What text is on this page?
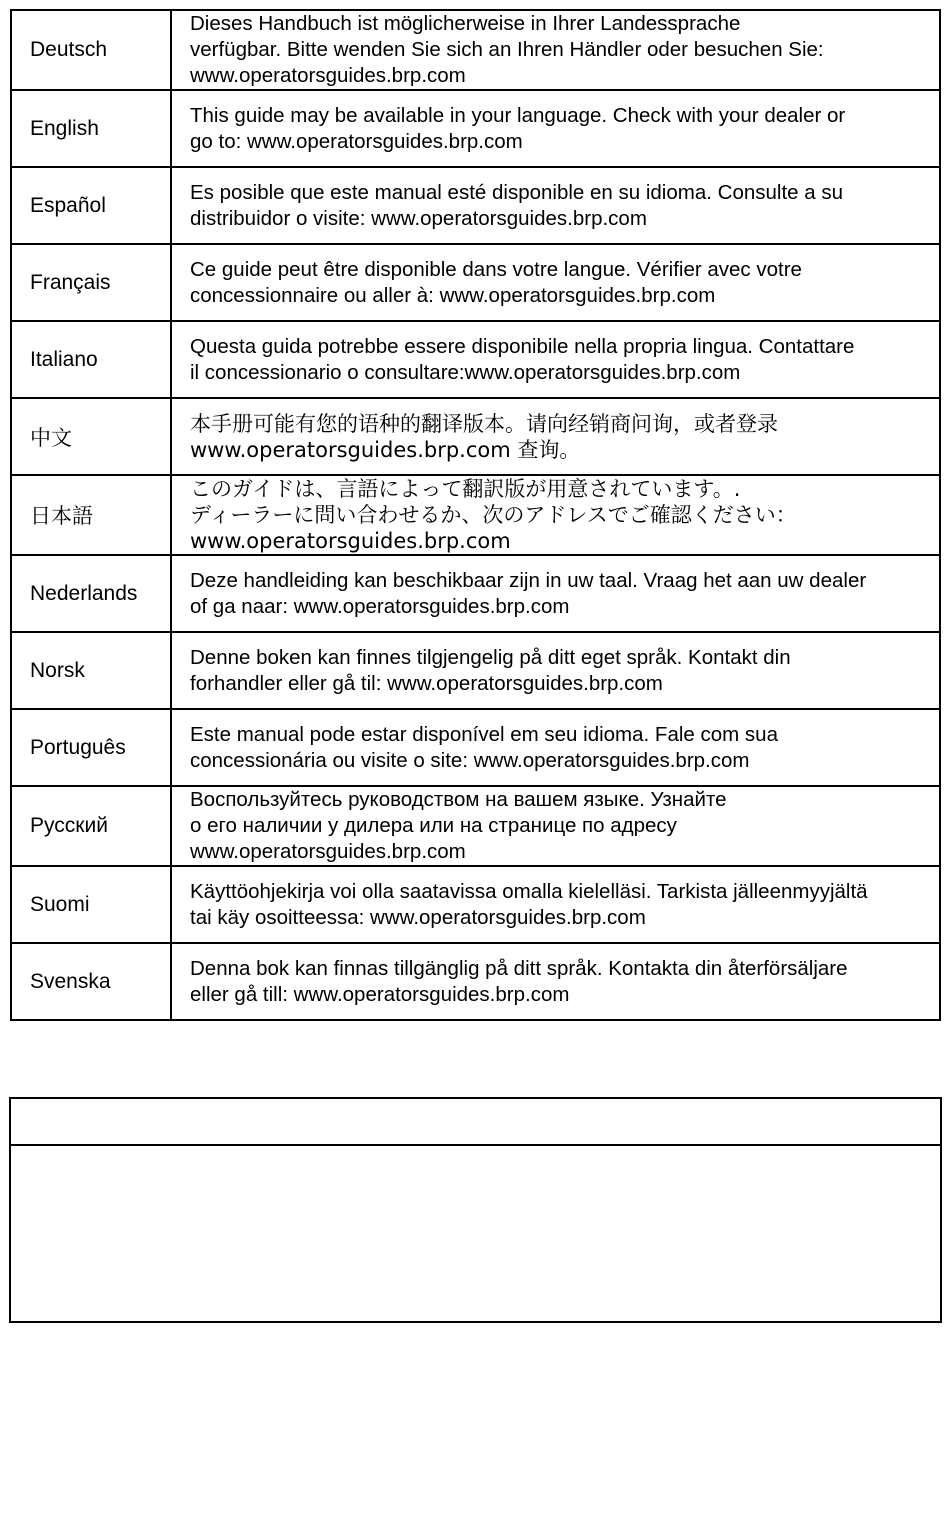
Deutsch	Dieses Handbuch ist möglicherweise in Ihrer Landessprache
verfügbar. Bitte wenden Sie sich an Ihren Händler oder besuchen Sie:
www.operatorsguides.brp.com
English	This guide may be available in your language. Check with your dealer or
go to: www.operatorsguides.brp.com
Español	Es posible que este manual esté disponible en su idioma. Consulte a su
distribuidor o visite: www.operatorsguides.brp.com
Français	Ce guide peut être disponible dans votre langue. Vérifier avec votre
concessionnaire ou aller à: www.operatorsguides.brp.com
Italiano	Questa guida potrebbe essere disponibile nella propria lingua. Contattare
il concessionario o consultare:www.operatorsguides.brp.com
中文	本手册可能有您的语种的翻译版本。请向经销商问询，或者登录
www.operatorsguides.brp.com 查询。
日本語	このガイドは、言語によって翻訳版が用意されています。.
ディーラーに問い合わせるか、次のアドレスでご確認ください：
www.operatorsguides.brp.com
Nederlands	Deze handleiding kan beschikbaar zijn in uw taal. Vraag het aan uw dealer
of ga naar: www.operatorsguides.brp.com
Norsk	Denne boken kan finnes tilgjengelig på ditt eget språk. Kontakt din
forhandler eller gå til: www.operatorsguides.brp.com
Português	Este manual pode estar disponível em seu idioma. Fale com sua
concessionária ou visite o site: www.operatorsguides.brp.com
Русский	Воспользуйтесь руководством на вашем языке. Узнайте
о его наличии у дилера или на странице по адресу
www.operatorsguides.brp.com
Suomi	Käyttöohjekirja voi olla saatavissa omalla kielelläsi. Tarkista jälleenmyyjältä
tai käy osoitteessa: www.operatorsguides.brp.com
Svenska	Denna bok kan finnas tillgänglig på ditt språk. Kontakta din återförsäljare
eller gå till: www.operatorsguides.brp.com
